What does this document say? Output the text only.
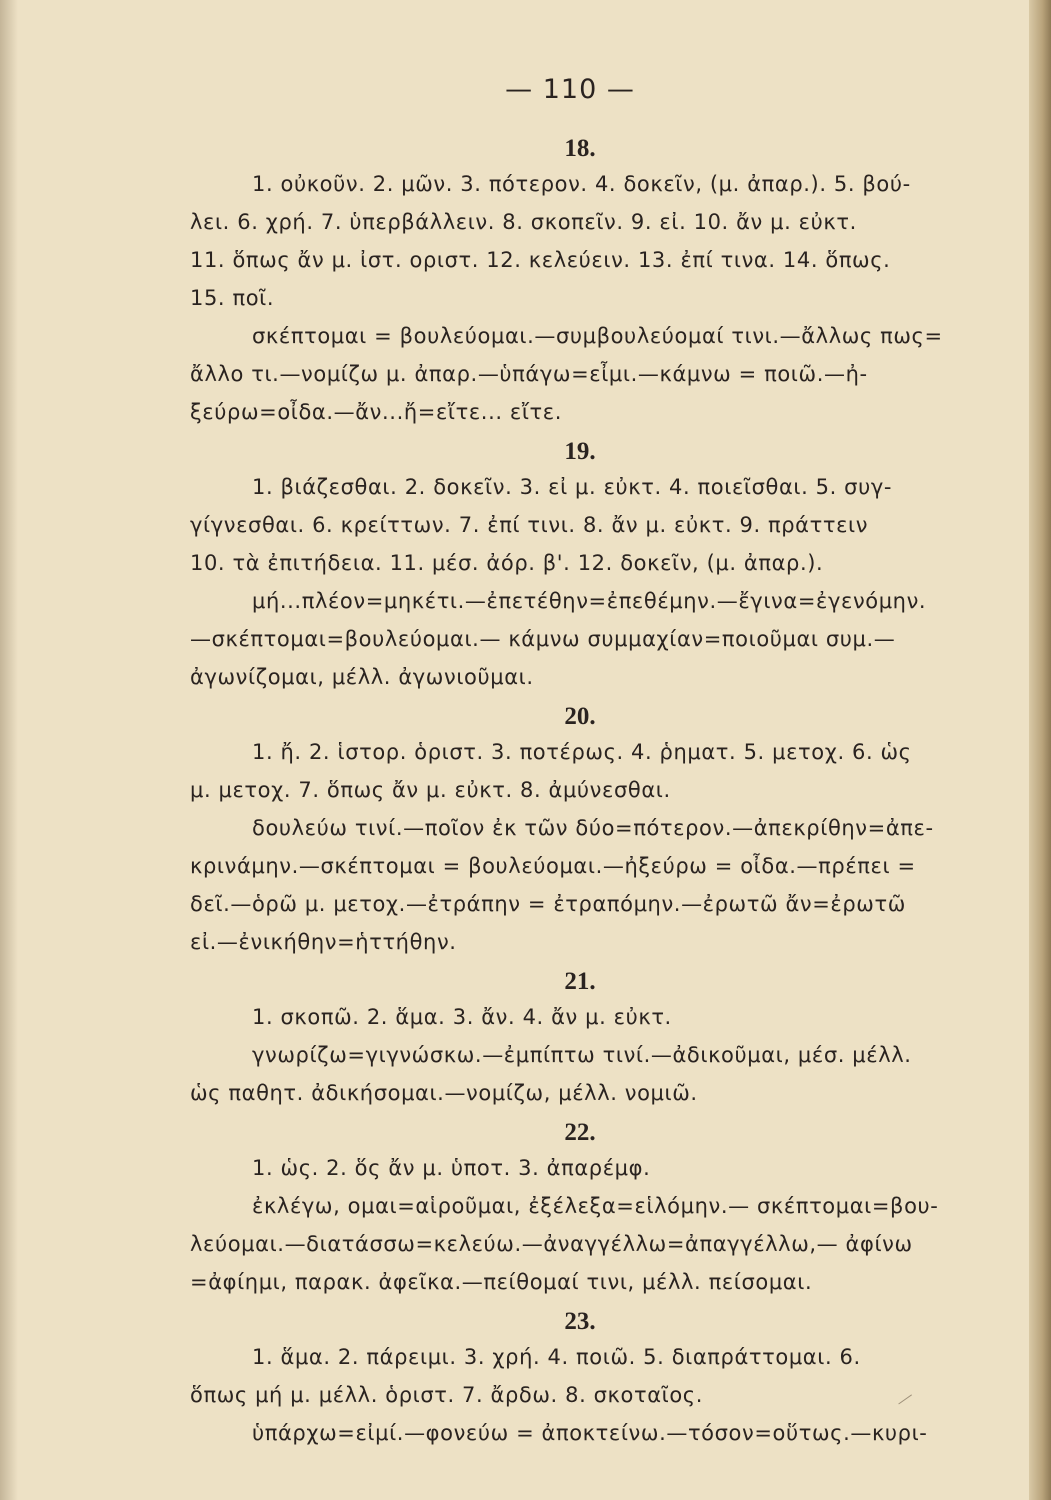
— 110 —
18.
1. οὐκοῦν. 2. μῶν. 3. πότερον. 4. δοκεῖν, (μ. ἀπαρ.). 5. βού-
λει. 6. χρή. 7. ὑπερβάλλειν. 8. σκοπεῖν. 9. εἰ. 10. ἄν μ. εὐκτ.
11. ὅπως ἄν μ. ἰστ. οριστ. 12. κελεύειν. 13. ἐπί τινα. 14. ὅπως.
15. ποῖ.
σκέπτομαι = βουλεύομαι.—συμβουλεύομαί τινι.—ἄλλως πως=
ἄλλο τι.—νομίζω μ. ἀπαρ.—ὑπάγω=εἶμι.—κάμνω = ποιῶ.—ἠ-
ξεύρω=οἶδα.—ἄν...ἤ=εἴτε... εἴτε.
19.
1. βιάζεσθαι. 2. δοκεῖν. 3. εἰ μ. εὐκτ. 4. ποιεῖσθαι. 5. συγ-
γίγνεσθαι. 6. κρείττων. 7. ἐπί τινι. 8. ἄν μ. εὐκτ. 9. πράττειν
10. τὰ ἐπιτήδεια. 11. μέσ. ἀόρ. β'. 12. δοκεῖν, (μ. ἀπαρ.).
μή...πλέον=μηκέτι.—ἐπετέθην=ἐπεθέμην.—ἔγινα=ἐγενόμην.
—σκέπτομαι=βουλεύομαι.— κάμνω συμμαχίαν=ποιοῦμαι συμ.—
ἀγωνίζομαι, μέλλ. ἀγωνιοῦμαι.
20.
1. ἤ. 2. ἱστορ. ὁριστ. 3. ποτέρως. 4. ῥηματ. 5. μετοχ. 6. ὡς
μ. μετοχ. 7. ὅπως ἄν μ. εὐκτ. 8. ἀμύνεσθαι.
δουλεύω τινί.—ποῖον ἐκ τῶν δύο=πότερον.—ἀπεκρίθην=ἀπε-
κρινάμην.—σκέπτομαι = βουλεύομαι.—ἠξεύρω = οἶδα.—πρέπει =
δεῖ.—ὁρῶ μ. μετοχ.—ἐτράπην = ἐτραπόμην.—ἐρωτῶ ἄν=ἐρωτῶ
εἰ.—ἐνικήθην=ἡττήθην.
21.
1. σκοπῶ. 2. ἅμα. 3. ἄν. 4. ἄν μ. εὐκτ.
γνωρίζω=γιγνώσκω.—ἐμπίπτω τινί.—ἀδικοῦμαι, μέσ. μέλλ.
ὡς παθητ. ἀδικήσομαι.—νομίζω, μέλλ. νομιῶ.
22.
1. ὡς. 2. ὅς ἄν μ. ὑποτ. 3. ἀπαρέμφ.
ἐκλέγω, ομαι=αἱροῦμαι, ἐξέλεξα=εἱλόμην.— σκέπτομαι=βου-
λεύομαι.—διατάσσω=κελεύω.—ἀναγγέλλω=ἀπαγγέλλω,— ἀφίνω
=ἀφίημι, παρακ. ἀφεῖκα.—πείθομαί τινι, μέλλ. πείσομαι.
23.
1. ἅμα. 2. πάρειμι. 3. χρή. 4. ποιῶ. 5. διαπράττομαι. 6.
ὅπως μή μ. μέλλ. ὁριστ. 7. ἄρδω. 8. σκοταῖος.
ὑπάρχω=εἰμί.—φονεύω = ἀποκτείνω.—τόσον=οὕτως.—κυρι-
